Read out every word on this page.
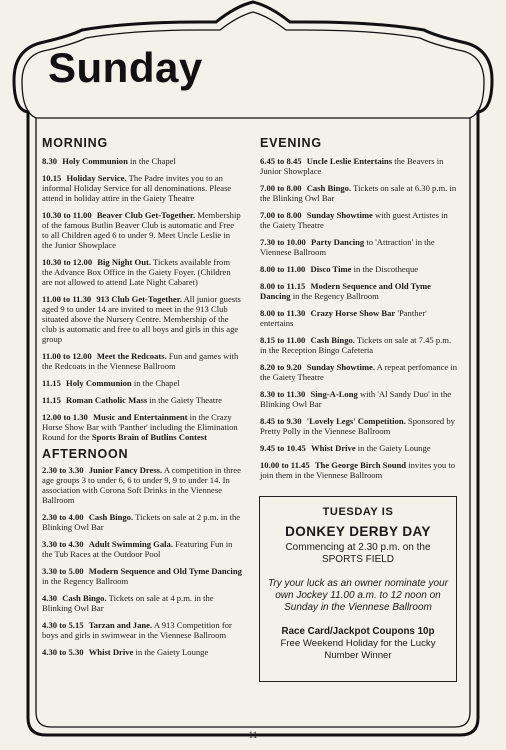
Sunday
MORNING
8.30 Holy Communion in the Chapel
10.15 Holiday Service. The Padre invites you to an informal Holiday Service for all denominations. Please attend in holiday attire in the Gaiety Theatre
10.30 to 11.00 Beaver Club Get-Together. Membership of the famous Butlin Beaver Club is automatic and Free to all Children aged 6 to under 9. Meet Uncle Leslie in the Junior Showplace
10.30 to 12.00 Big Night Out. Tickets available from the Advance Box Office in the Gaiety Foyer. (Children are not allowed to attend Late Night Cabaret)
11.00 to 11.30 913 Club Get-Together. All junior guests aged 9 to under 14 are invited to meet in the 913 Club situated above the Nursery Centre. Membership of the club is automatic and free to all boys and girls in this age group
11.00 to 12.00 Meet the Redcoats. Fun and games with the Redcoats in the Viennese Ballroom
11.15 Holy Communion in the Chapel
11.15 Roman Catholic Mass in the Gaiety Theatre
12.00 to 1.30 Music and Entertainment in the Crazy Horse Show Bar with 'Panther' including the Elimination Round for the Sports Brain of Butlins Contest
AFTERNOON
2.30 to 3.30 Junior Fancy Dress. A competition in three age groups 3 to under 6, 6 to under 9, 9 to under 14. In association with Corona Soft Drinks in the Viennese Ballroom
2.30 to 4.00 Cash Bingo. Tickets on sale at 2 p.m. in the Blinking Owl Bar
3.30 to 4.30 Adult Swimming Gala. Featuring Fun in the Tub Races at the Outdoor Pool
3.30 to 5.00 Modern Sequence and Old Tyme Dancing in the Regency Ballroom
4.30 Cash Bingo. Tickets on sale at 4 p.m. in the Blinking Owl Bar
4.30 to 5.15 Tarzan and Jane. A 913 Competition for boys and girls in swimwear in the Viennese Ballroom
4.30 to 5.30 Whist Drive in the Gaiety Lounge
EVENING
6.45 to 8.45 Uncle Leslie Entertains the Beavers in Junior Showplace
7.00 to 8.00 Cash Bingo. Tickets on sale at 6.30 p.m. in the Blinking Owl Bar
7.00 to 8.00 Sunday Showtime with guest Artistes in the Gaiety Theatre
7.30 to 10.00 Party Dancing to 'Attraction' in the Viennese Ballroom
8.00 to 11.00 Disco Time in the Discotheque
8.00 to 11.15 Modern Sequence and Old Tyme Dancing in the Regency Ballroom
8.00 to 11.30 Crazy Horse Show Bar 'Panther' entertains
8.15 to 11.00 Cash Bingo. Tickets on sale at 7.45 p.m. in the Reception Bingo Cafeteria
8.20 to 9.20 Sunday Showtime. A repeat perfomance in the Gaiety Theatre
8.30 to 11.30 Sing-A-Long with 'Al Sandy Duo' in the Blinking Owl Bar
8.45 to 9.30 'Lovely Legs' Competition. Sponsored by Pretty Polly in the Viennese Ballroom
9.45 to 10.45 Whist Drive in the Gaiety Lounge
10.00 to 11.45 The George Birch Sound invites you to join them in the Viennese Ballroom
TUESDAY IS
DONKEY DERBY DAY
Commencing at 2.30 p.m. on the SPORTS FIELD
Try your luck as an owner nominate your own Jockey 11.00 a.m. to 12 noon on Sunday in the Viennese Ballroom
Race Card/Jackpot Coupons 10p
Free Weekend Holiday for the Lucky Number Winner
11
